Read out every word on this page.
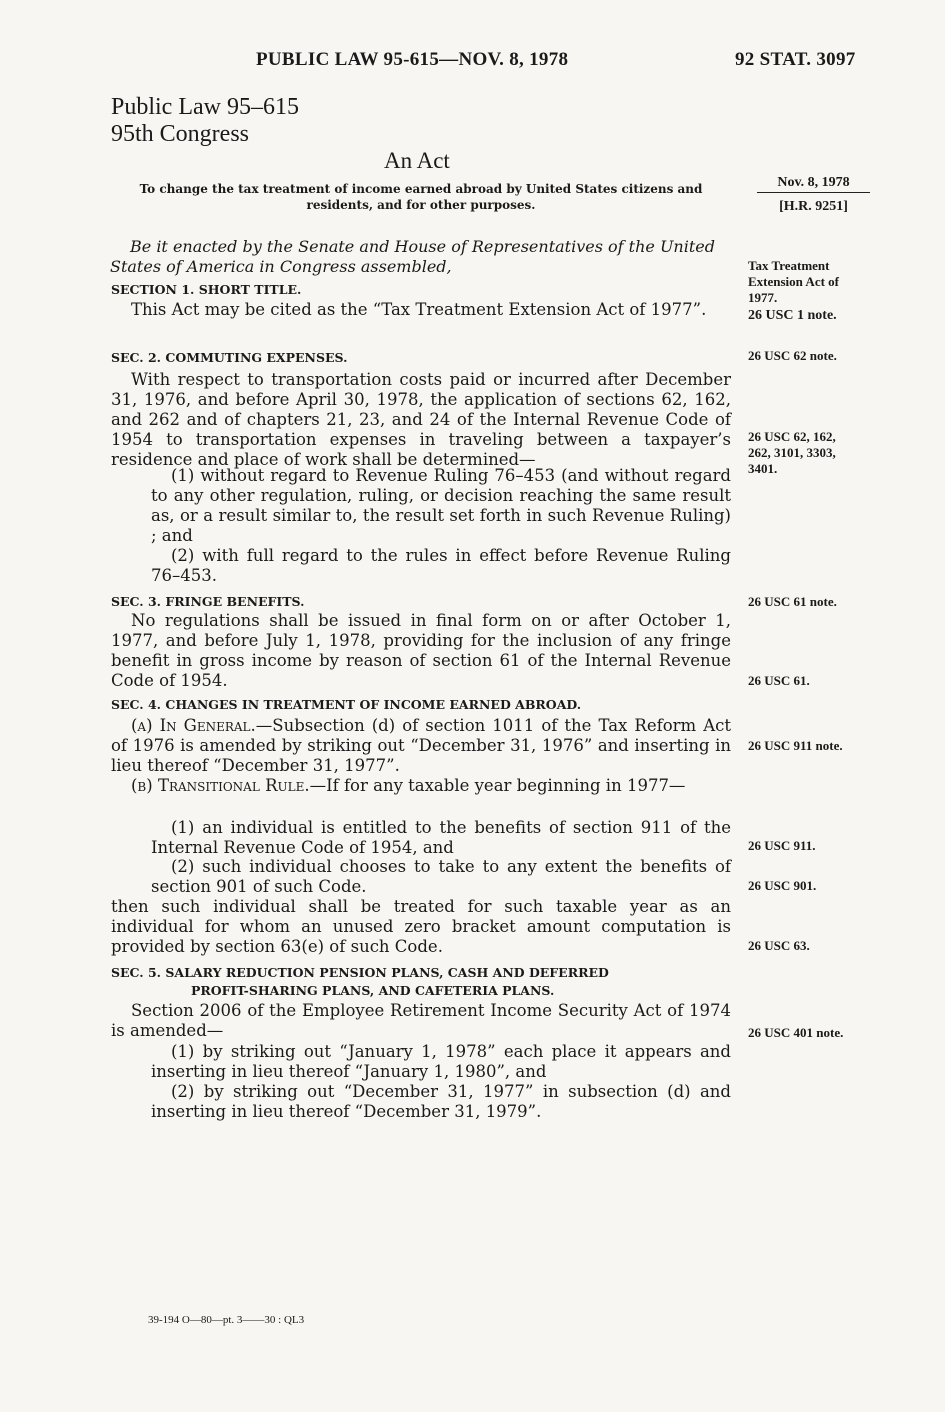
PUBLIC LAW 95-615—NOV. 8, 1978	92 STAT. 3097
Public Law 95–615
95th Congress
An Act
To change the tax treatment of income earned abroad by United States citizens and residents, and for other purposes.
Nov. 8, 1978
[H.R. 9251]
Be it enacted by the Senate and House of Representatives of the United States of America in Congress assembled,
SECTION 1. SHORT TITLE.
This Act may be cited as the “Tax Treatment Extension Act of 1977”.
SEC. 2. COMMUTING EXPENSES.
With respect to transportation costs paid or incurred after December 31, 1976, and before April 30, 1978, the application of sections 62, 162, and 262 and of chapters 21, 23, and 24 of the Internal Revenue Code of 1954 to transportation expenses in traveling between a taxpayer’s residence and place of work shall be determined—
(1) without regard to Revenue Ruling 76–453 (and without regard to any other regulation, ruling, or decision reaching the same result as, or a result similar to, the result set forth in such Revenue Ruling) ; and
(2) with full regard to the rules in effect before Revenue Ruling 76–453.
SEC. 3. FRINGE BENEFITS.
No regulations shall be issued in final form on or after October 1, 1977, and before July 1, 1978, providing for the inclusion of any fringe benefit in gross income by reason of section 61 of the Internal Revenue Code of 1954.
SEC. 4. CHANGES IN TREATMENT OF INCOME EARNED ABROAD.
(a) In General.—Subsection (d) of section 1011 of the Tax Reform Act of 1976 is amended by striking out “December 31, 1976” and inserting in lieu thereof “December 31, 1977”.
(b) Transitional Rule.—If for any taxable year beginning in 1977—
(1) an individual is entitled to the benefits of section 911 of the Internal Revenue Code of 1954, and
(2) such individual chooses to take to any extent the benefits of section 901 of such Code.
then such individual shall be treated for such taxable year as an individual for whom an unused zero bracket amount computation is provided by section 63(e) of such Code.
SEC. 5. SALARY REDUCTION PENSION PLANS, CASH AND DEFERRED
PROFIT-SHARING PLANS, AND CAFETERIA PLANS.
Section 2006 of the Employee Retirement Income Security Act of 1974 is amended—
(1) by striking out “January 1, 1978” each place it appears and inserting in lieu thereof “January 1, 1980”, and
(2) by striking out “December 31, 1977” in subsection (d) and inserting in lieu thereof “December 31, 1979”.
Tax Treatment
Extension Act of
1977.
26 USC 1 note.
26 USC 62 note.
26 USC 62, 162,
262, 3101, 3303,
3401.
26 USC 61 note.
26 USC 61.
26 USC 911 note.
26 USC 911.
26 USC 901.
26 USC 63.
26 USC 401 note.
39-194 O—80—pt. 3——30 : QL3
